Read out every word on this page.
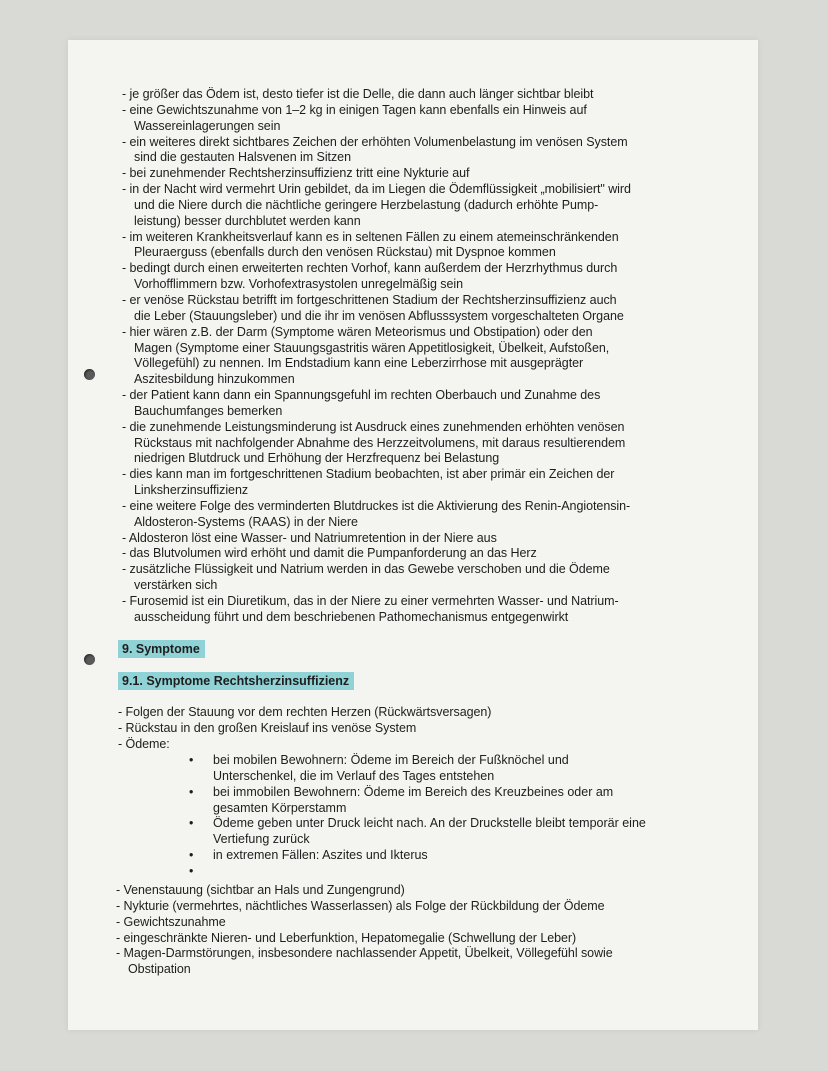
- je größer das Ödem ist, desto tiefer ist die Delle, die dann auch länger sichtbar bleibt
- eine Gewichtszunahme von 1–2 kg in einigen Tagen kann ebenfalls ein Hinweis auf
Wassereinlagerungen sein
- ein weiteres direkt sichtbares Zeichen der erhöhten Volumenbelastung im venösen System
sind die gestauten Halsvenen im Sitzen
- bei zunehmender Rechtsherzinsuffizienz tritt eine Nykturie auf
- in der Nacht wird vermehrt Urin gebildet, da im Liegen die Ödemflüssigkeit „mobilisiert" wird
und die Niere durch die nächtliche geringere Herzbelastung (dadurch erhöhte Pump-
leistung) besser durchblutet werden kann
- im weiteren Krankheitsverlauf kann es in seltenen Fällen zu einem atemeinschränkenden
Pleuraerguss (ebenfalls durch den venösen Rückstau) mit Dyspnoe kommen
- bedingt durch einen erweiterten rechten Vorhof, kann außerdem der Herzrhythmus durch
Vorhofflimmern bzw. Vorhofextrasystolen unregelmäßig sein
- er venöse Rückstau betrifft im fortgeschrittenen Stadium der Rechtsherzinsuffizienz auch
die Leber (Stauungsleber) und die ihr im venösen Abflusssystem vorgeschalteten Organe
- hier wären z.B. der Darm (Symptome wären Meteorismus und Obstipation) oder den
Magen (Symptome einer Stauungsgastritis wären Appetitlosigkeit, Übelkeit, Aufstoßen,
Völlegefühl) zu nennen. Im Endstadium kann eine Leberzirrhose mit ausgeprägter
Aszitesbildung hinzukommen
- der Patient kann dann ein Spannungsgefuhl im rechten Oberbauch und Zunahme des
Bauchumfanges bemerken
- die zunehmende Leistungsminderung ist Ausdruck eines zunehmenden erhöhten venösen
Rückstaus mit nachfolgender Abnahme des Herzzeitvolumens, mit daraus resultierendem
niedrigen Blutdruck und Erhöhung der Herzfrequenz bei Belastung
- dies kann man im fortgeschrittenen Stadium beobachten, ist aber primär ein Zeichen der
Linksherzinsuffizienz
- eine weitere Folge des verminderten Blutdruckes ist die Aktivierung des Renin-Angiotensin-
Aldosteron-Systems (RAAS) in der Niere
- Aldosteron löst eine Wasser- und Natriumretention in der Niere aus
- das Blutvolumen wird erhöht und damit die Pumpanforderung an das Herz
- zusätzliche Flüssigkeit und Natrium werden in das Gewebe verschoben und die Ödeme
verstärken sich
- Furosemid ist ein Diuretikum, das in der Niere zu einer vermehrten Wasser- und Natrium-
ausscheidung führt und dem beschriebenen Pathomechanismus entgegenwirkt
9. Symptome
9.1. Symptome Rechtsherzinsuffizienz
- Folgen der Stauung vor dem rechten Herzen (Rückwärtsversagen)
- Rückstau in den großen Kreislauf ins venöse System
- Ödeme:
• bei mobilen Bewohnern: Ödeme im Bereich der Fußknöchel und
Unterschenkel, die im Verlauf des Tages entstehen
• bei immobilen Bewohnern: Ödeme im Bereich des Kreuzbeines oder am
gesamten Körperstamm
• Ödeme geben unter Druck leicht nach. An der Druckstelle bleibt temporär eine
Vertiefung zurück
• in extremen Fällen: Aszites und Ikterus
•
- Venenstauung (sichtbar an Hals und Zungengrund)
- Nykturie (vermehrtes, nächtliches Wasserlassen) als Folge der Rückbildung der Ödeme
- Gewichtszunahme
- eingeschränkte Nieren- und Leberfunktion, Hepatomegalie (Schwellung der Leber)
- Magen-Darmstörungen, insbesondere nachlassender Appetit, Übelkeit, Völlegefühl sowie
Obstipation
